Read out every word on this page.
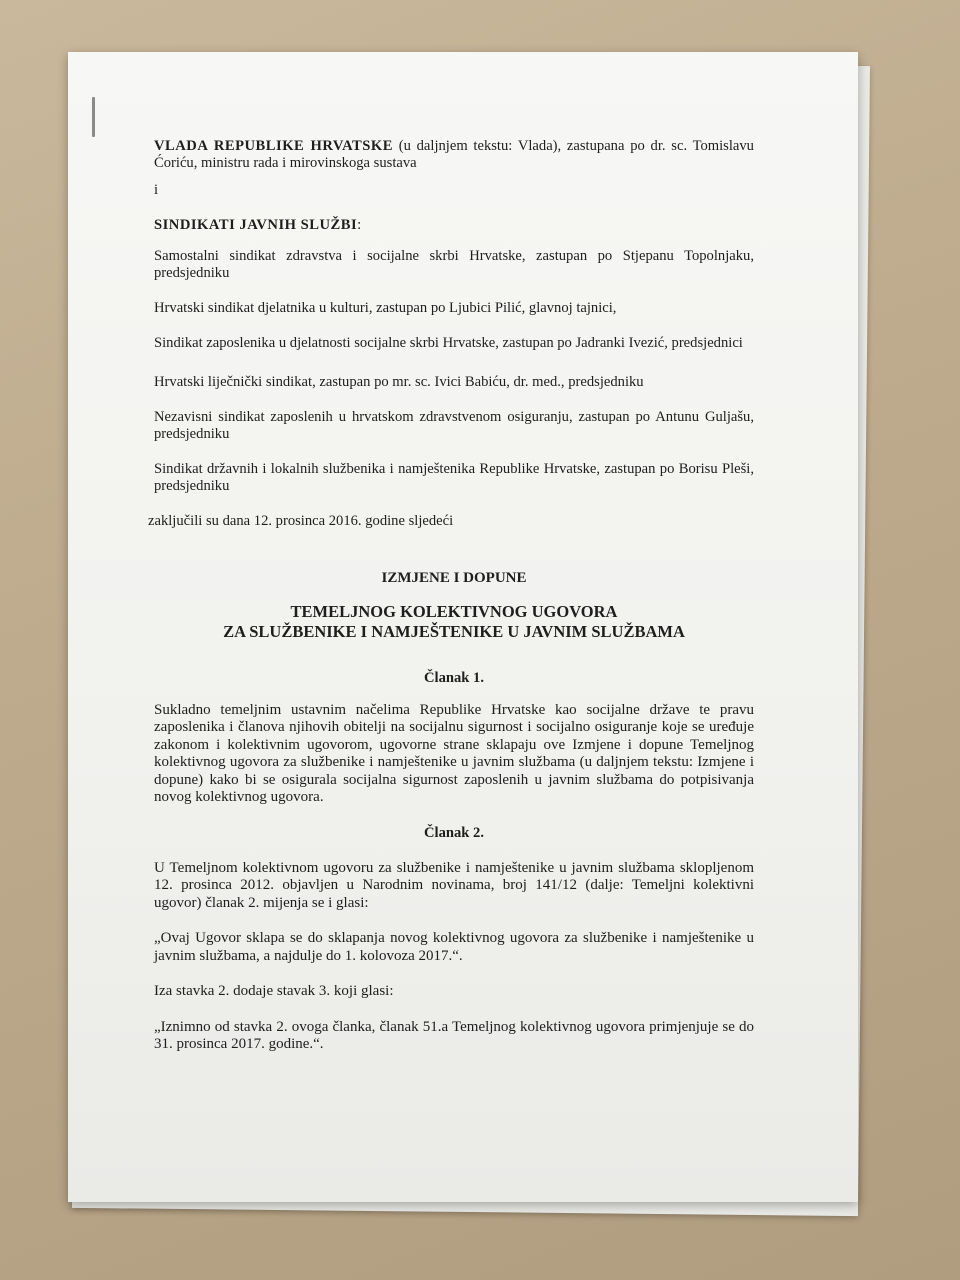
VLADA REPUBLIKE HRVATSKE (u daljnjem tekstu: Vlada), zastupana po dr. sc. Tomislavu Ćoriću, ministru rada i mirovinskoga sustava

i

SINDIKATI JAVNIH SLUŽBI:

Samostalni sindikat zdravstva i socijalne skrbi Hrvatske, zastupan po Stjepanu Topolnjaku, predsjedniku

Hrvatski sindikat djelatnika u kulturi, zastupan po Ljubici Pilić, glavnoj tajnici,

Sindikat zaposlenika u djelatnosti socijalne skrbi Hrvatske, zastupan po Jadranki Ivezić, predsjednici

Hrvatski liječnički sindikat, zastupan po mr. sc. Ivici Babiću, dr. med., predsjedniku

Nezavisni sindikat zaposlenih u hrvatskom zdravstvenom osiguranju, zastupan po Antunu Guljašu, predsjedniku

Sindikat državnih i lokalnih službenika i namještenika Republike Hrvatske, zastupan po Borisu Pleši, predsjedniku

zaključili su dana 12. prosinca 2016. godine sljedeći

IZMJENE I DOPUNE

TEMELJNOG KOLEKTIVNOG UGOVORA
ZA SLUŽBENIKE I NAMJEŠTENIKE U JAVNIM SLUŽBAMA

Članak 1.

Sukladno temeljnim ustavnim načelima Republike Hrvatske kao socijalne države te pravu zaposlenika i članova njihovih obitelji na socijalnu sigurnost i socijalno osiguranje koje se uređuje zakonom i kolektivnim ugovorom, ugovorne strane sklapaju ove Izmjene i dopune Temeljnog kolektivnog ugovora za službenike i namještenike u javnim službama (u daljnjem tekstu: Izmjene i dopune) kako bi se osigurala socijalna sigurnost zaposlenih u javnim službama do potpisivanja novog kolektivnog ugovora.

Članak 2.

U Temeljnom kolektivnom ugovoru za službenike i namještenike u javnim službama sklopljenom 12. prosinca 2012. objavljen u Narodnim novinama, broj 141/12 (dalje: Temeljni kolektivni ugovor) članak 2. mijenja se i glasi:

„Ovaj Ugovor sklapa se do sklapanja novog kolektivnog ugovora za službenike i namještenike u javnim službama, a najdulje do 1. kolovoza 2017.“.

Iza stavka 2. dodaje stavak 3. koji glasi:

„Iznimno od stavka 2. ovoga članka, članak 51.a Temeljnog kolektivnog ugovora primjenjuje se do 31. prosinca 2017. godine.“.
